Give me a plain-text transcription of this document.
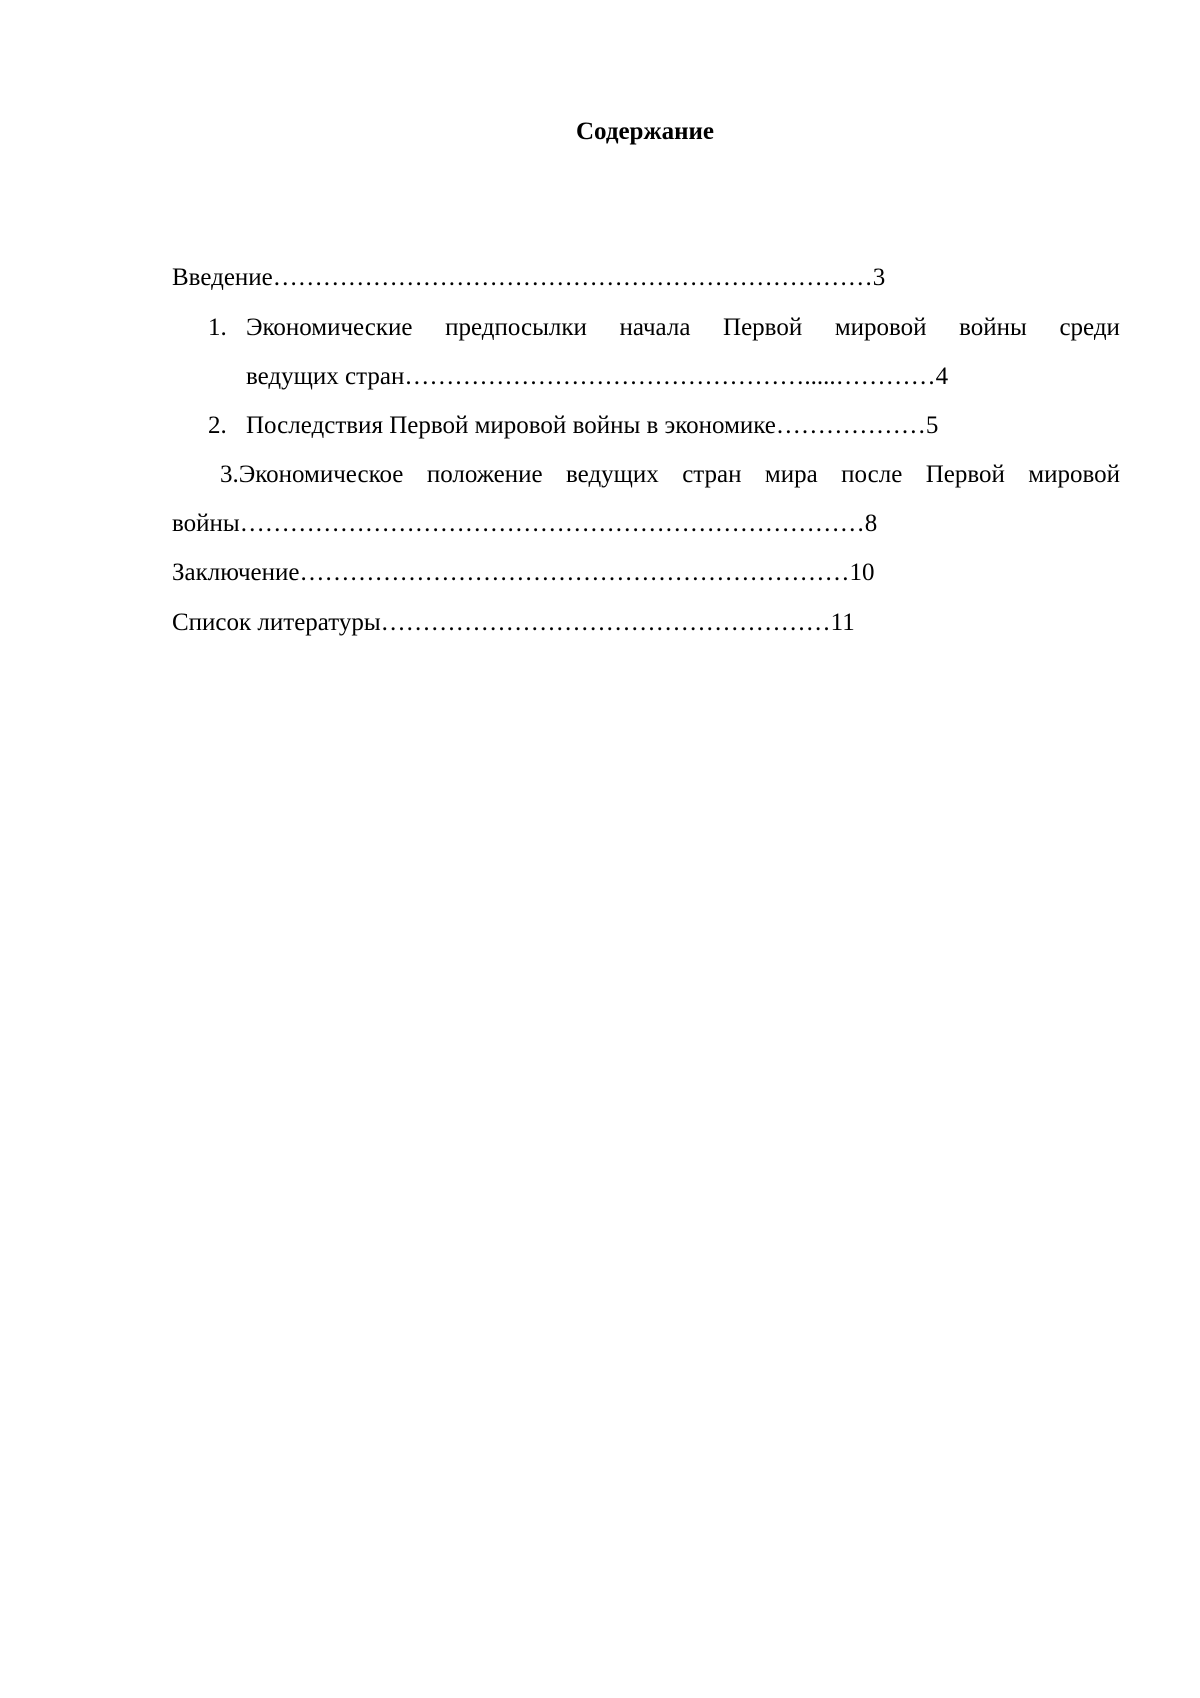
Содержание
Введение………………………………………………………………3
1. Экономические предпосылки начала Первой мировой войны среди
ведущих стран………………………………………….....…………4
2. Последствия Первой мировой войны в экономике………………5
3.Экономическое положение ведущих стран мира после Первой мировой
войны…………………………………………………………………8
Заключение…………………………………………………………10
Список литературы………………………………………………11
